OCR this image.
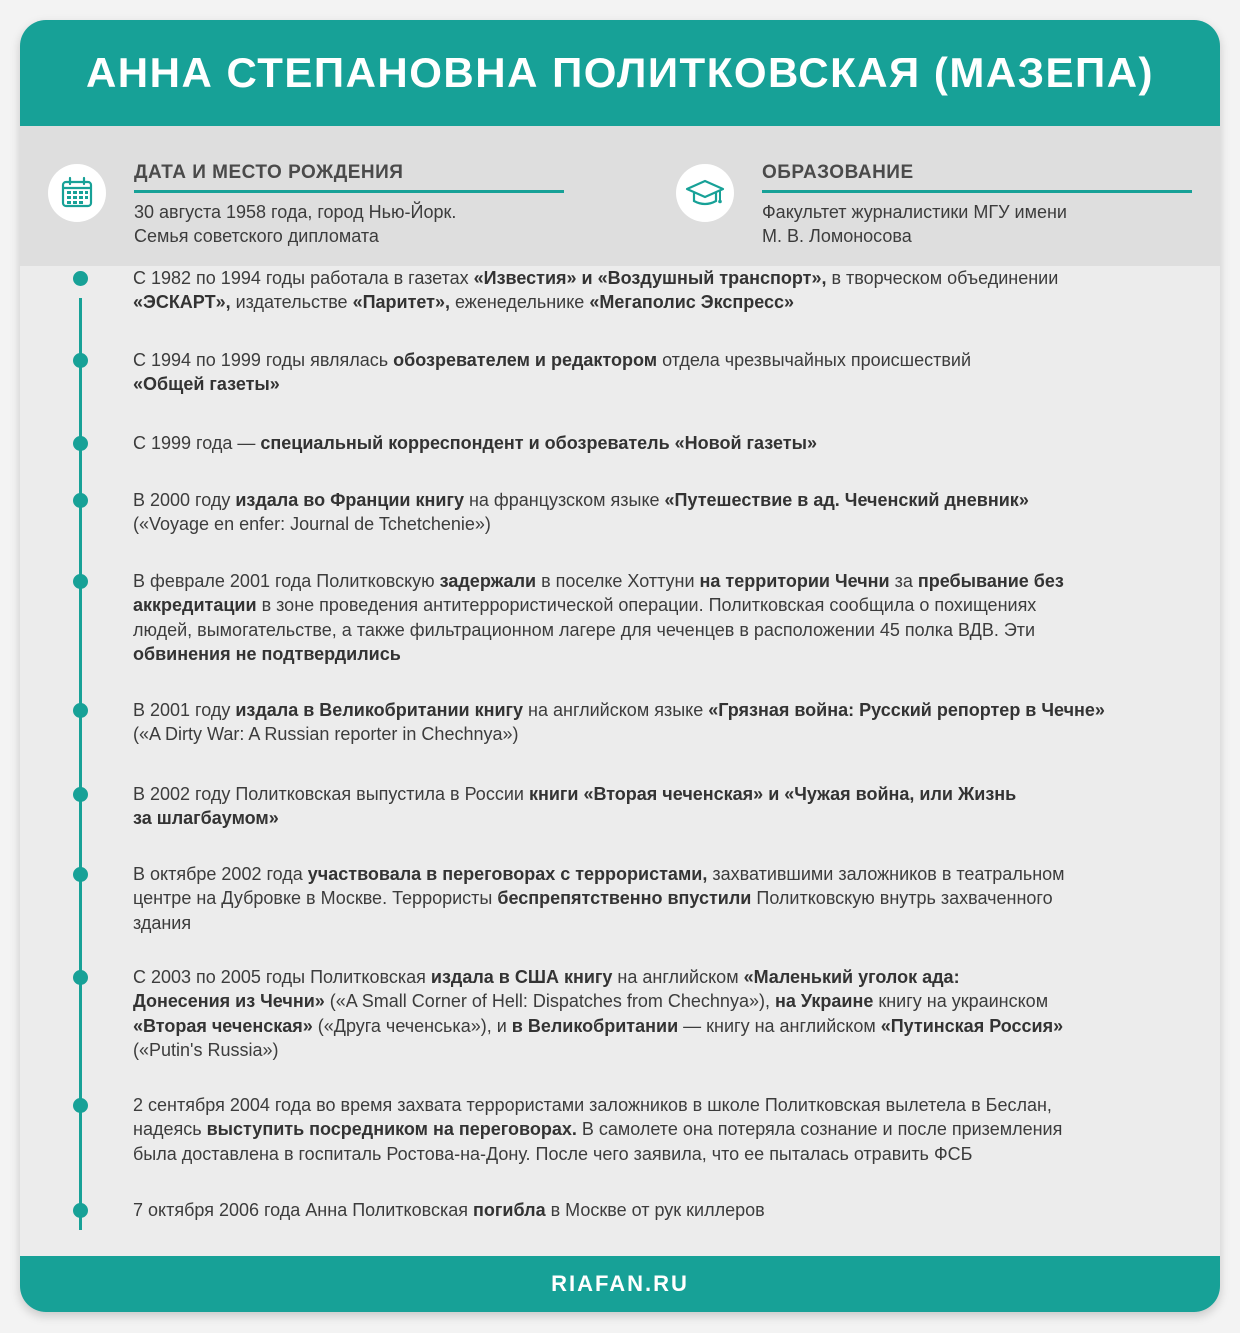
АННА СТЕПАНОВНА ПОЛИТКОВСКАЯ (МАЗЕПА)
ДАТА И МЕСТО РОЖДЕНИЯ
30 августа 1958 года, город Нью-Йорк.
Семья советского дипломата
ОБРАЗОВАНИЕ
Факультет журналистики МГУ имени
М. В. Ломоносова
С 1982 по 1994 годы работала в газетах «Известия» и «Воздушный транспорт», в творческом объединении
«ЭСКАРТ», издательстве «Паритет», еженедельнике «Мегаполис Экспресс»
С 1994 по 1999 годы являлась обозревателем и редактором отдела чрезвычайных происшествий
«Общей газеты»
С 1999 года — специальный корреспондент и обозреватель «Новой газеты»
В 2000 году издала во Франции книгу на французском языке «Путешествие в ад. Чеченский дневник»
(«Voyage en enfer: Journal de Tchetchenie»)
В феврале 2001 года Политковскую задержали в поселке Хоттуни на территории Чечни за пребывание без
аккредитации в зоне проведения антитеррористической операции. Политковская сообщила о похищениях
людей, вымогательстве, а также фильтрационном лагере для чеченцев в расположении 45 полка ВДВ. Эти
обвинения не подтвердились
В 2001 году издала в Великобритании книгу на английском языке «Грязная война: Русский репортер в Чечне»
(«A Dirty War: A Russian reporter in Chechnya»)
В 2002 году Политковская выпустила в России книги «Вторая чеченская» и «Чужая война, или Жизнь
за шлагбаумом»
В октябре 2002 года участвовала в переговорах с террористами, захватившими заложников в театральном
центре на Дубровке в Москве. Террористы беспрепятственно впустили Политковскую внутрь захваченного
здания
С 2003 по 2005 годы Политковская издала в США книгу на английском «Маленький уголок ада:
Донесения из Чечни» («A Small Corner of Hell: Dispatches from Chechnya»), на Украине книгу на украинском
«Вторая чеченская» («Друга чеченська»), и в Великобритании — книгу на английском «Путинская Россия»
(«Putin's Russia»)
2 сентября 2004 года во время захвата террористами заложников в школе Политковская вылетела в Беслан,
надеясь выступить посредником на переговорах. В самолете она потеряла сознание и после приземления
была доставлена в госпиталь Ростова-на-Дону. После чего заявила, что ее пыталась отравить ФСБ
7 октября 2006 года Анна Политковская погибла в Москве от рук киллеров
RIAFAN.RU
